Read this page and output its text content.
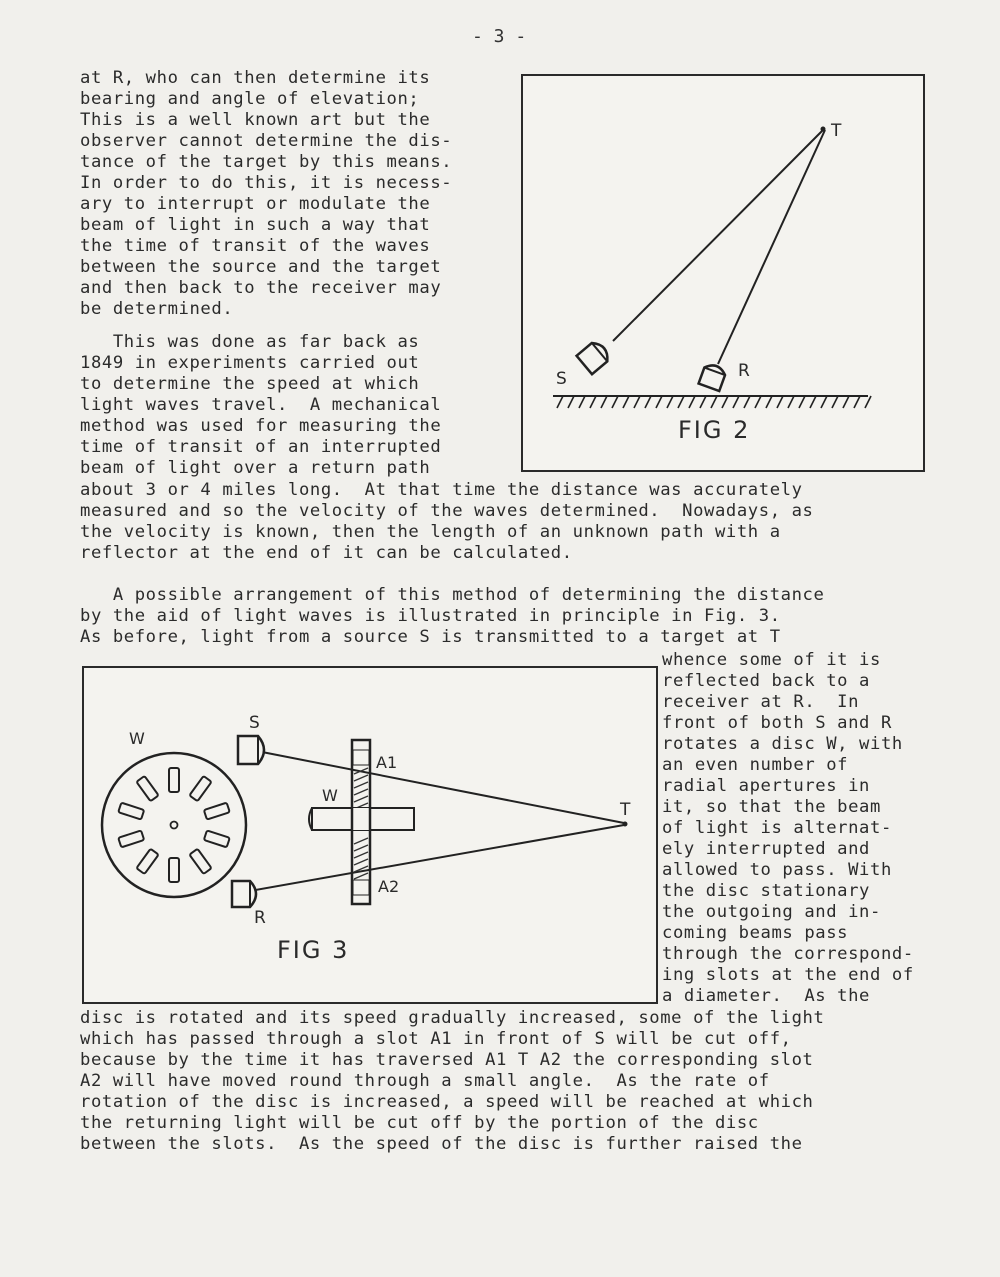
- 3 -
at R, who can then determine its
bearing and angle of elevation;
This is a well known art but the
observer cannot determine the dis-
tance of the target by this means.
In order to do this, it is necess-
ary to interrupt or modulate the
beam of light in such a way that
the time of transit of the waves
between the source and the target
and then back to the receiver may
be determined.
This was done as far back as
1849 in experiments carried out
to determine the speed at which
light waves travel.  A mechanical
method was used for measuring the
time of transit of an interrupted
beam of light over a return path
about 3 or 4 miles long.  At that time the distance was accurately
measured and so the velocity of the waves determined.  Nowadays, as
the velocity is known, then the length of an unknown path with a
reflector at the end of it can be calculated.
A possible arrangement of this method of determining the distance
by the aid of light waves is illustrated in principle in Fig. 3.
As before, light from a source S is transmitted to a target at T
whence some of it is
reflected back to a
receiver at R.  In
front of both S and R
rotates a disc W, with
an even number of
radial apertures in
it, so that the beam
of light is alternat-
ely interrupted and
allowed to pass. With
the disc stationary
the outgoing and in-
coming beams pass
through the correspond-
ing slots at the end of
a diameter.  As the
disc is rotated and its speed gradually increased, some of the light
which has passed through a slot A1 in front of S will be cut off,
because by the time it has traversed A1 T A2 the corresponding slot
A2 will have moved round through a small angle.  As the rate of
rotation of the disc is increased, a speed will be reached at which
the returning light will be cut off by the portion of the disc
between the slots.  As the speed of the disc is further raised the
T
S	R
FIG 2
W
T
S
R
W
A1
A2
FIG 3
